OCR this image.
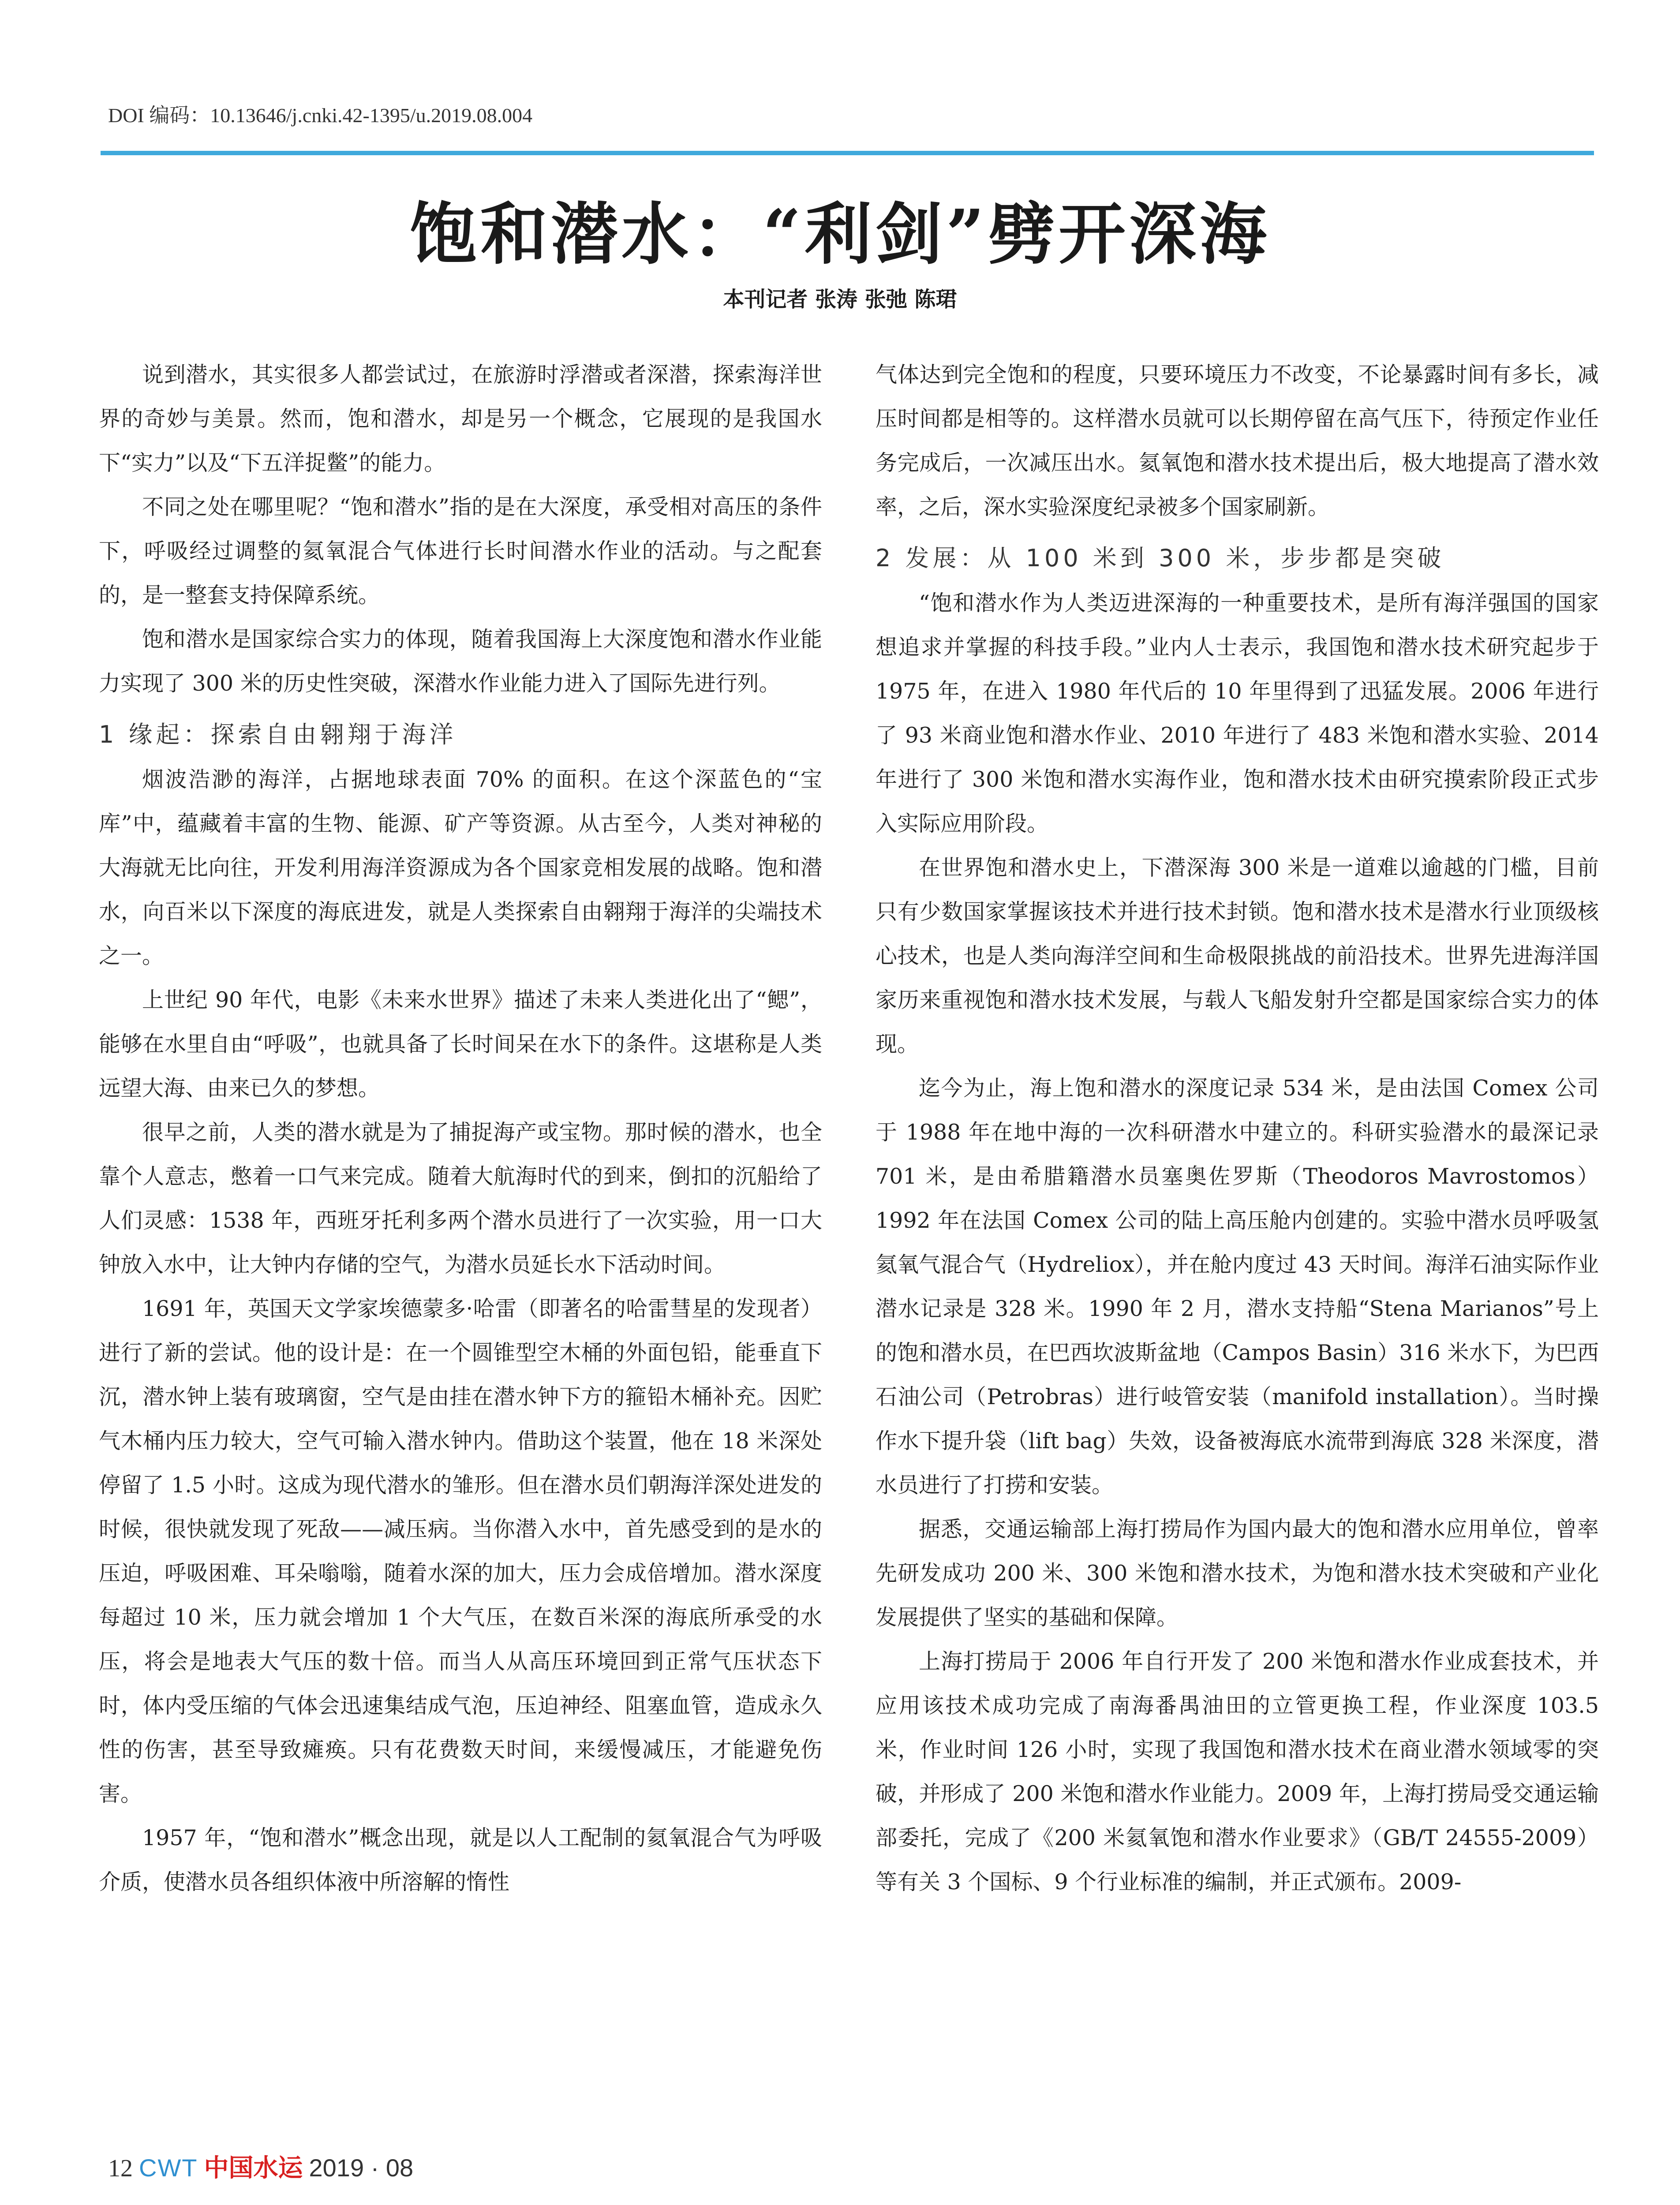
DOI 编码：10.13646/j.cnki.42-1395/u.2019.08.004
饱和潜水：“利剑”劈开深海
本刊记者 张涛 张弛 陈珺

说到潜水，其实很多人都尝试过，在旅游时浮潜或者深潜，探索海洋世界的奇妙与美景。然而，饱和潜水，却是另一个概念，它展现的是我国水下“实力”以及“下五洋捉鳖”的能力。

不同之处在哪里呢？“饱和潜水”指的是在大深度，承受相对高压的条件下，呼吸经过调整的氦氧混合气体进行长时间潜水作业的活动。与之配套的，是一整套支持保障系统。

饱和潜水是国家综合实力的体现，随着我国海上大深度饱和潜水作业能力实现了 300 米的历史性突破，深潜水作业能力进入了国际先进行列。

1 缘起：探索自由翱翔于海洋

烟波浩渺的海洋，占据地球表面 70% 的面积。在这个深蓝色的“宝库”中，蕴藏着丰富的生物、能源、矿产等资源。从古至今，人类对神秘的大海就无比向往，开发利用海洋资源成为各个国家竞相发展的战略。饱和潜水，向百米以下深度的海底进发，就是人类探索自由翱翔于海洋的尖端技术之一。

上世纪 90 年代，电影《未来水世界》描述了未来人类进化出了“鳃”，能够在水里自由“呼吸”，也就具备了长时间呆在水下的条件。这堪称是人类远望大海、由来已久的梦想。

很早之前，人类的潜水就是为了捕捉海产或宝物。那时候的潜水，也全靠个人意志，憋着一口气来完成。随着大航海时代的到来，倒扣的沉船给了人们灵感：1538 年，西班牙托利多两个潜水员进行了一次实验，用一口大钟放入水中，让大钟内存储的空气，为潜水员延长水下活动时间。

1691 年，英国天文学家埃德蒙多·哈雷（即著名的哈雷彗星的发现者）进行了新的尝试。他的设计是：在一个圆锥型空木桶的外面包铅，能垂直下沉，潜水钟上装有玻璃窗，空气是由挂在潜水钟下方的箍铅木桶补充。因贮气木桶内压力较大，空气可输入潜水钟内。借助这个装置，他在 18 米深处停留了 1.5 小时。这成为现代潜水的雏形。但在潜水员们朝海洋深处进发的时候，很快就发现了死敌——减压病。当你潜入水中，首先感受到的是水的压迫，呼吸困难、耳朵嗡嗡，随着水深的加大，压力会成倍增加。潜水深度每超过 10 米，压力就会增加 1 个大气压，在数百米深的海底所承受的水压，将会是地表大气压的数十倍。而当人从高压环境回到正常气压状态下时，体内受压缩的气体会迅速集结成气泡，压迫神经、阻塞血管，造成永久性的伤害，甚至导致瘫痪。只有花费数天时间，来缓慢减压，才能避免伤害。

1957 年，“饱和潜水”概念出现，就是以人工配制的氦氧混合气为呼吸介质，使潜水员各组织体液中所溶解的惰性

气体达到完全饱和的程度，只要环境压力不改变，不论暴露时间有多长，减压时间都是相等的。这样潜水员就可以长期停留在高气压下，待预定作业任务完成后，一次减压出水。氦氧饱和潜水技术提出后，极大地提高了潜水效率，之后，深水实验深度纪录被多个国家刷新。

2 发展：从 100 米到 300 米，步步都是突破

“饱和潜水作为人类迈进深海的一种重要技术，是所有海洋强国的国家想追求并掌握的科技手段。”业内人士表示，我国饱和潜水技术研究起步于 1975 年，在进入 1980 年代后的 10 年里得到了迅猛发展。2006 年进行了 93 米商业饱和潜水作业、2010 年进行了 483 米饱和潜水实验、2014 年进行了 300 米饱和潜水实海作业，饱和潜水技术由研究摸索阶段正式步入实际应用阶段。

在世界饱和潜水史上，下潜深海 300 米是一道难以逾越的门槛，目前只有少数国家掌握该技术并进行技术封锁。饱和潜水技术是潜水行业顶级核心技术，也是人类向海洋空间和生命极限挑战的前沿技术。世界先进海洋国家历来重视饱和潜水技术发展，与载人飞船发射升空都是国家综合实力的体现。

迄今为止，海上饱和潜水的深度记录 534 米，是由法国 Comex 公司于 1988 年在地中海的一次科研潜水中建立的。科研实验潜水的最深记录 701 米，是由希腊籍潜水员塞奥佐罗斯（Theodoros Mavrostomos）1992 年在法国 Comex 公司的陆上高压舱内创建的。实验中潜水员呼吸氢氦氧气混合气（Hydreliox），并在舱内度过 43 天时间。海洋石油实际作业潜水记录是 328 米。1990 年 2 月，潜水支持船“Stena Marianos”号上的饱和潜水员，在巴西坎波斯盆地（Campos Basin）316 米水下，为巴西石油公司（Petrobras）进行岐管安装（manifold installation）。当时操作水下提升袋（lift bag）失效，设备被海底水流带到海底 328 米深度，潜水员进行了打捞和安装。

据悉，交通运输部上海打捞局作为国内最大的饱和潜水应用单位，曾率先研发成功 200 米、300 米饱和潜水技术，为饱和潜水技术突破和产业化发展提供了坚实的基础和保障。

上海打捞局于 2006 年自行开发了 200 米饱和潜水作业成套技术，并应用该技术成功完成了南海番禺油田的立管更换工程，作业深度 103.5 米，作业时间 126 小时，实现了我国饱和潜水技术在商业潜水领域零的突破，并形成了 200 米饱和潜水作业能力。2009 年，上海打捞局受交通运输部委托，完成了《200 米氦氧饱和潜水作业要求》（GB/T 24555-2009）等有关 3 个国标、9 个行业标准的编制，并正式颁布。2009-

12 CWT 中国水运 2019 · 08
